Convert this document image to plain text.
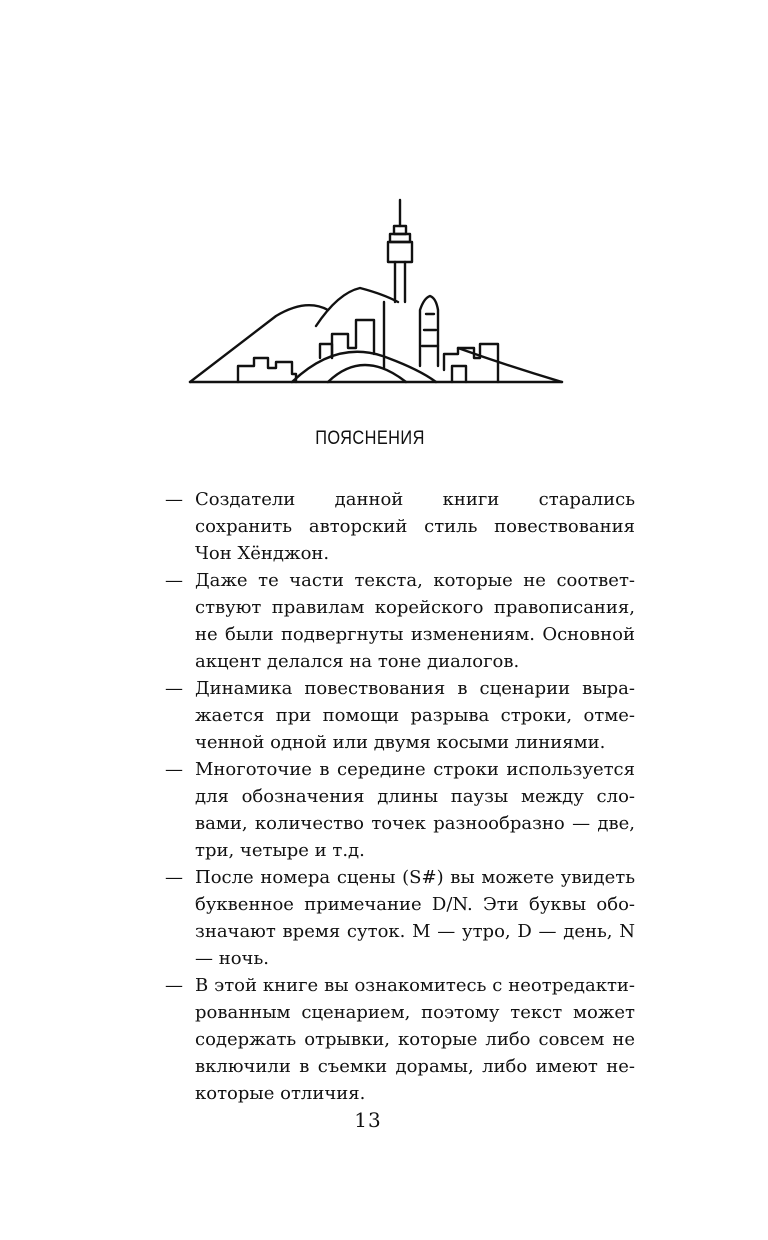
ПОЯСНЕНИЯ
— Создатели данной книги старались сохранить авторский стиль повествования Чон Хёнджон.
— Даже те части текста, которые не соответствуют правилам корейского правописания, не были подвергнуты изменениям. Основной акцент делался на тоне диалогов.
— Динамика повествования в сценарии выражается при помощи разрыва строки, отмеченной одной или двумя косыми линиями.
— Многоточие в середине строки используется для обозначения длины паузы между словами, количество точек разнообразно — две, три, четыре и т.д.
— После номера сцены (S#) вы можете увидеть буквенное примечание D/N. Эти буквы обозначают время суток. M — утро, D — день, N — ночь.
— В этой книге вы ознакомитесь с неотредактированным сценарием, поэтому текст может содержать отрывки, которые либо совсем не включили в съемки дорамы, либо имеют некоторые отличия.
13
